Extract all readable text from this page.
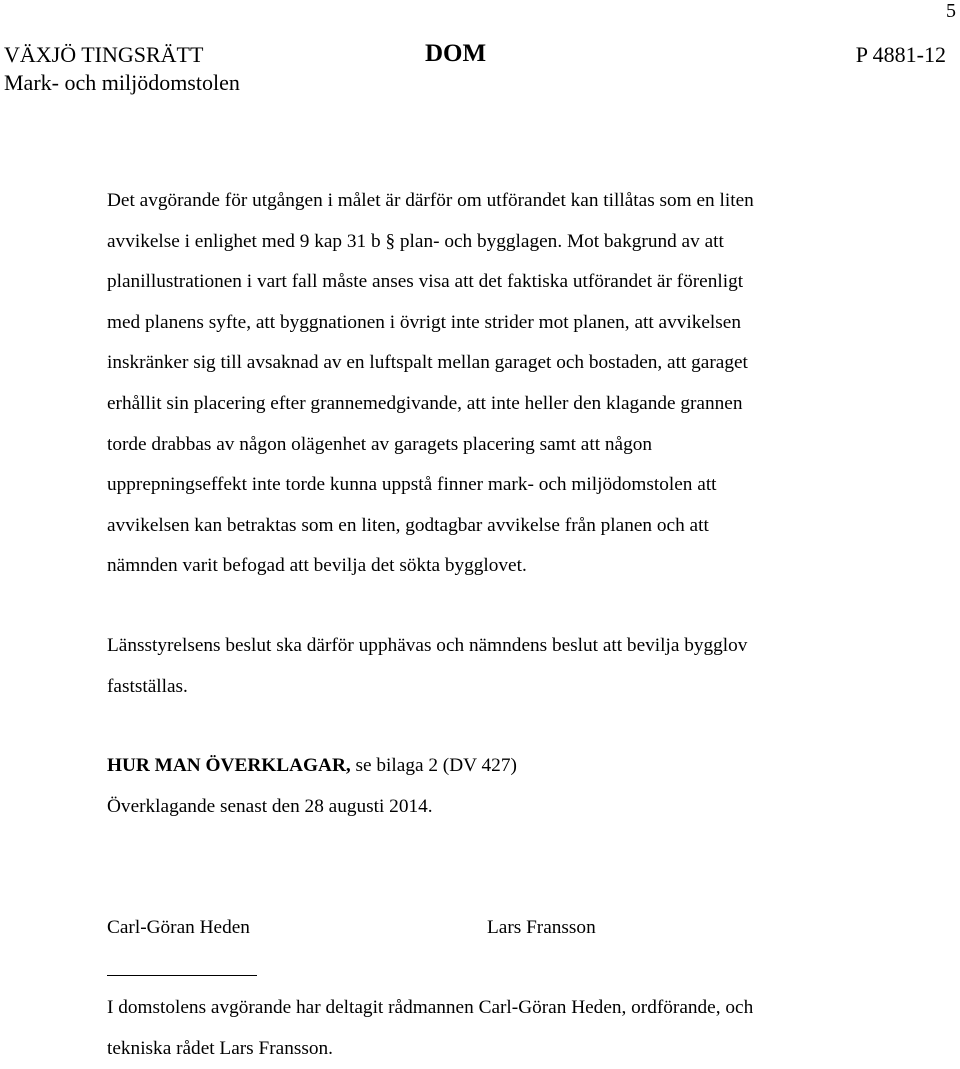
5
VÄXJÖ TINGSRÄTT
Mark- och miljödomstolen
DOM	P 4881-12
Det avgörande för utgången i målet är därför om utförandet kan tillåtas som en liten
avvikelse i enlighet med 9 kap 31 b § plan- och bygglagen. Mot bakgrund av att
planillustrationen i vart fall måste anses visa att det faktiska utförandet är förenligt
med planens syfte, att byggnationen i övrigt inte strider mot planen, att avvikelsen
inskränker sig till avsaknad av en luftspalt mellan garaget och bostaden, att garaget
erhållit sin placering efter grannemedgivande, att inte heller den klagande grannen
torde drabbas av någon olägenhet av garagets placering samt att någon
upprepningseffekt inte torde kunna uppstå finner mark- och miljödomstolen att
avvikelsen kan betraktas som en liten, godtagbar avvikelse från planen och att
nämnden varit befogad att bevilja det sökta bygglovet.
Länsstyrelsens beslut ska därför upphävas och nämndens beslut att bevilja bygglov
fastställas.
HUR MAN ÖVERKLAGAR, se bilaga 2 (DV 427)
Överklagande senast den 28 augusti 2014.
Carl-Göran Heden	Lars Fransson
I domstolens avgörande har deltagit rådmannen Carl-Göran Heden, ordförande, och
tekniska rådet Lars Fransson.
